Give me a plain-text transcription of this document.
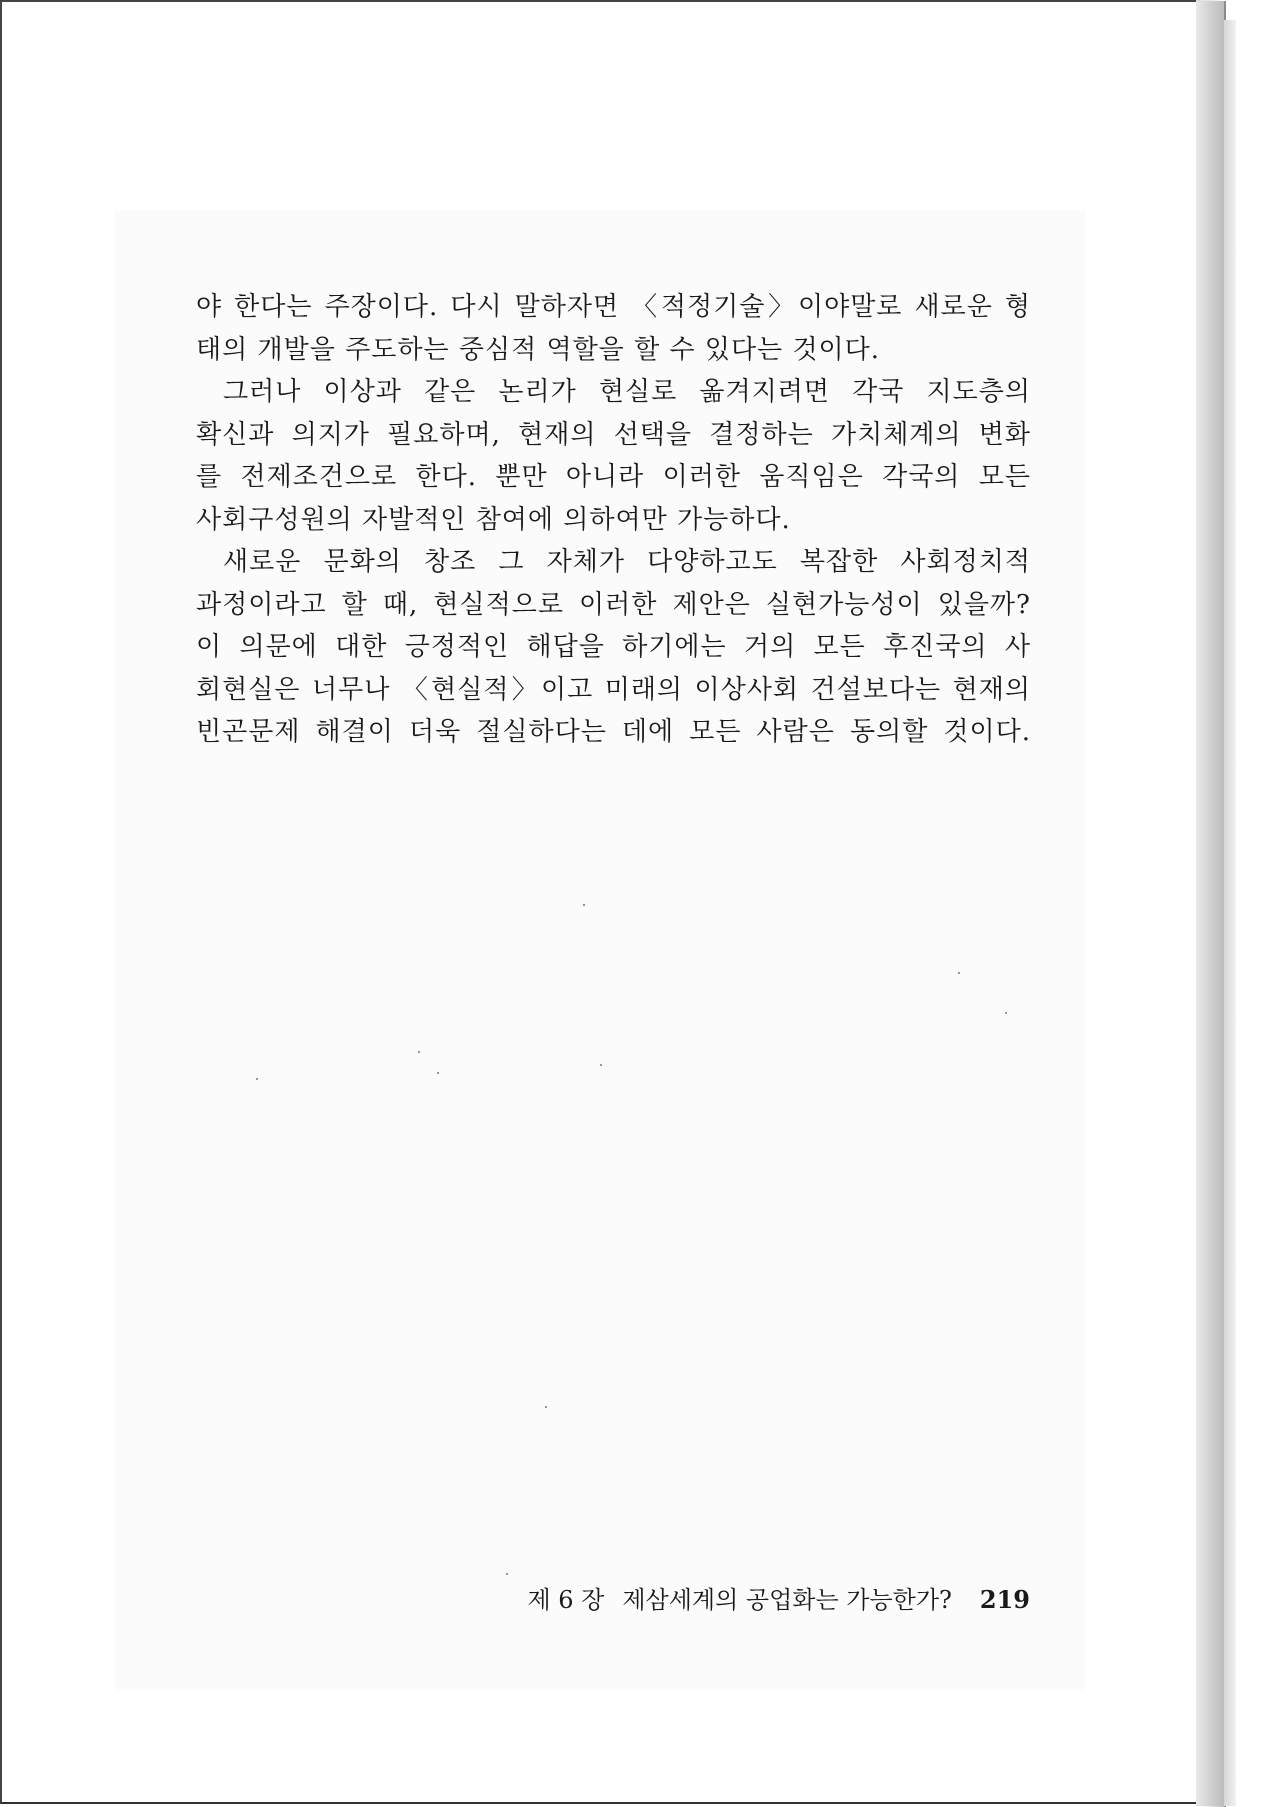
야 한다는 주장이다. 다시 말하자면 〈적정기술〉이야말로 새로운 형
태의 개발을 주도하는 중심적 역할을 할 수 있다는 것이다.
그러나 이상과 같은 논리가 현실로 옮겨지려면 각국 지도층의
확신과 의지가 필요하며, 현재의 선택을 결정하는 가치체계의 변화
를 전제조건으로 한다. 뿐만 아니라 이러한 움직임은 각국의 모든
사회구성원의 자발적인 참여에 의하여만 가능하다.
새로운 문화의 창조 그 자체가 다양하고도 복잡한 사회정치적
과정이라고 할 때, 현실적으로 이러한 제안은 실현가능성이 있을까?
이 의문에 대한 긍정적인 해답을 하기에는 거의 모든 후진국의 사
회현실은 너무나 〈현실적〉이고 미래의 이상사회 건설보다는 현재의
빈곤문제 해결이 더욱 절실하다는 데에 모든 사람은 동의할 것이다.
제 6 장 제삼세계의 공업화는 가능한가? 219
